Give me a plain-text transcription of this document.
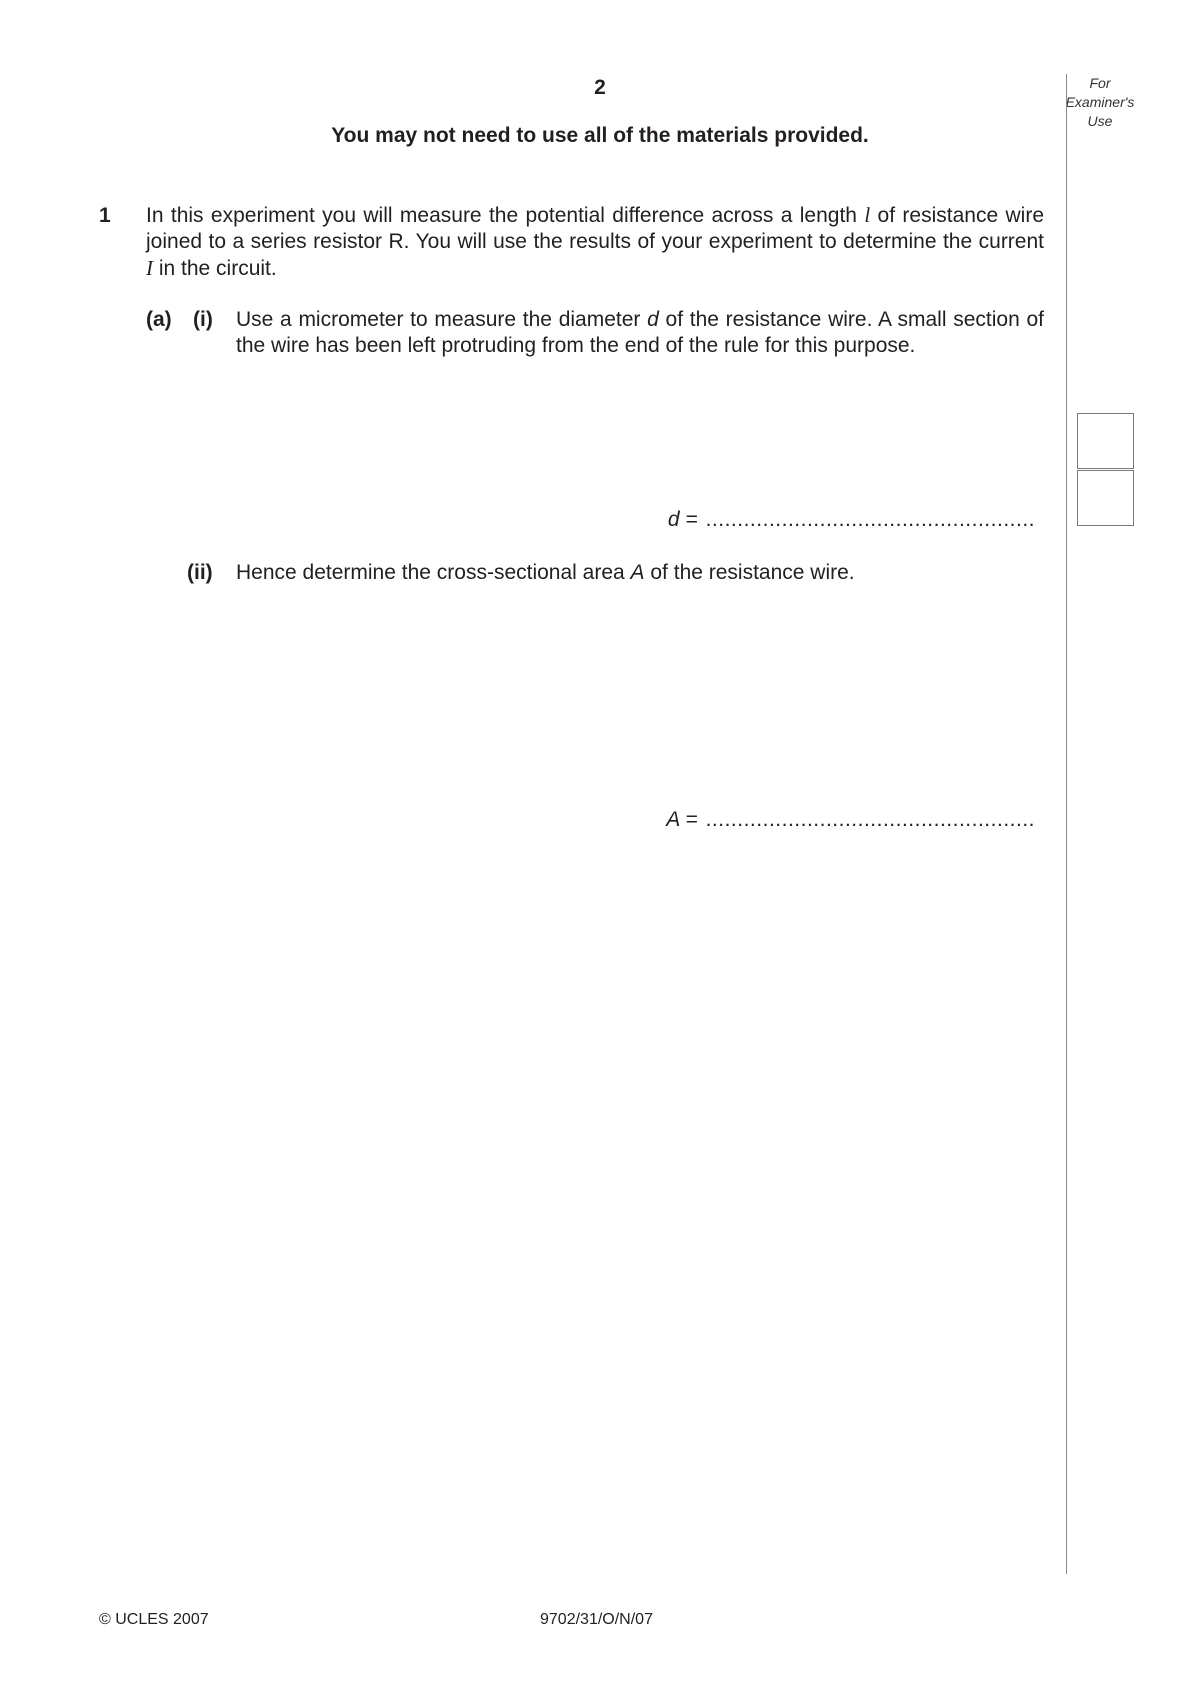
2
You may not need to use all of the materials provided.
For
Examiner's
Use
1 In this experiment you will measure the potential difference across a length l of resistance wire joined to a series resistor R. You will use the results of your experiment to determine the current I in the circuit.
(a) (i) Use a micrometer to measure the diameter d of the resistance wire. A small section of the wire has been left protruding from the end of the rule for this purpose.
d = ....................................................
(ii) Hence determine the cross-sectional area A of the resistance wire.
A = ....................................................
© UCLES 2007	9702/31/O/N/07
